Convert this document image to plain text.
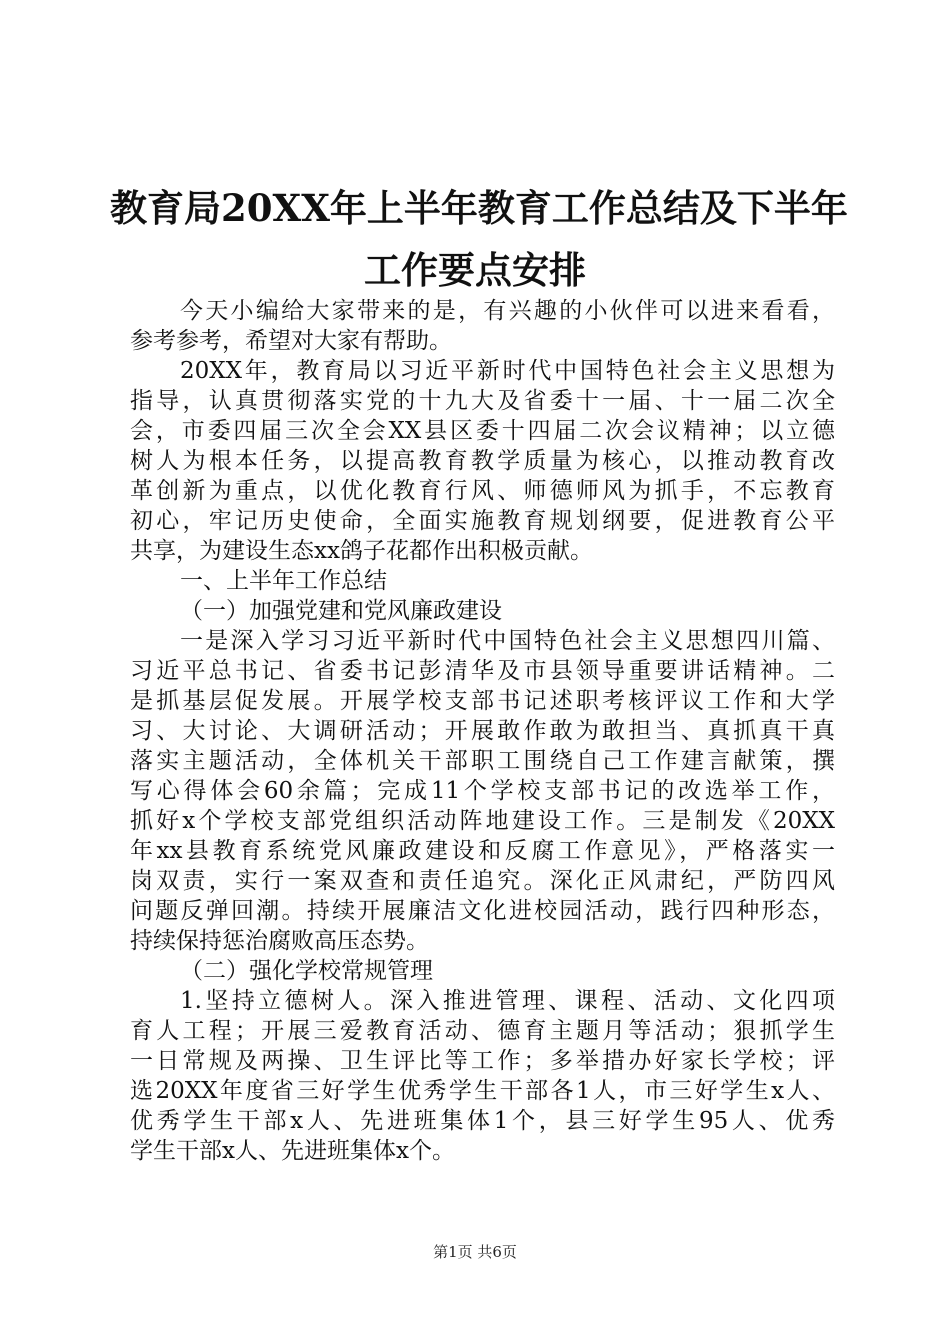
教育局20XX年上半年教育工作总结及下半年
工作要点安排
今天小编给大家带来的是，有兴趣的小伙伴可以进来看看，
参考参考，希望对大家有帮助。
20XX年，教育局以习近平新时代中国特色社会主义思想为
指导，认真贯彻落实党的十九大及省委十一届、十一届二次全
会，市委四届三次全会XX县区委十四届二次会议精神；以立德
树人为根本任务，以提高教育教学质量为核心，以推动教育改
革创新为重点，以优化教育行风、师德师风为抓手，不忘教育
初心，牢记历史使命，全面实施教育规划纲要，促进教育公平
共享，为建设生态xx鸽子花都作出积极贡献。
一、上半年工作总结
（一）加强党建和党风廉政建设
一是深入学习习近平新时代中国特色社会主义思想四川篇、
习近平总书记、省委书记彭清华及市县领导重要讲话精神。二
是抓基层促发展。开展学校支部书记述职考核评议工作和大学
习、大讨论、大调研活动；开展敢作敢为敢担当、真抓真干真
落实主题活动，全体机关干部职工围绕自己工作建言献策，撰
写心得体会60余篇；完成11个学校支部书记的改选举工作，
抓好x个学校支部党组织活动阵地建设工作。三是制发《20XX
年xx县教育系统党风廉政建设和反腐工作意见》，严格落实一
岗双责，实行一案双查和责任追究。深化正风肃纪，严防四风
问题反弹回潮。持续开展廉洁文化进校园活动，践行四种形态，
持续保持惩治腐败高压态势。
（二）强化学校常规管理
1.坚持立德树人。深入推进管理、课程、活动、文化四项
育人工程；开展三爱教育活动、德育主题月等活动；狠抓学生
一日常规及两操、卫生评比等工作；多举措办好家长学校；评
选20XX年度省三好学生优秀学生干部各1人，市三好学生x人、
优秀学生干部x人、先进班集体1个，县三好学生95人、优秀
学生干部x人、先进班集体x个。
第1页 共6页
